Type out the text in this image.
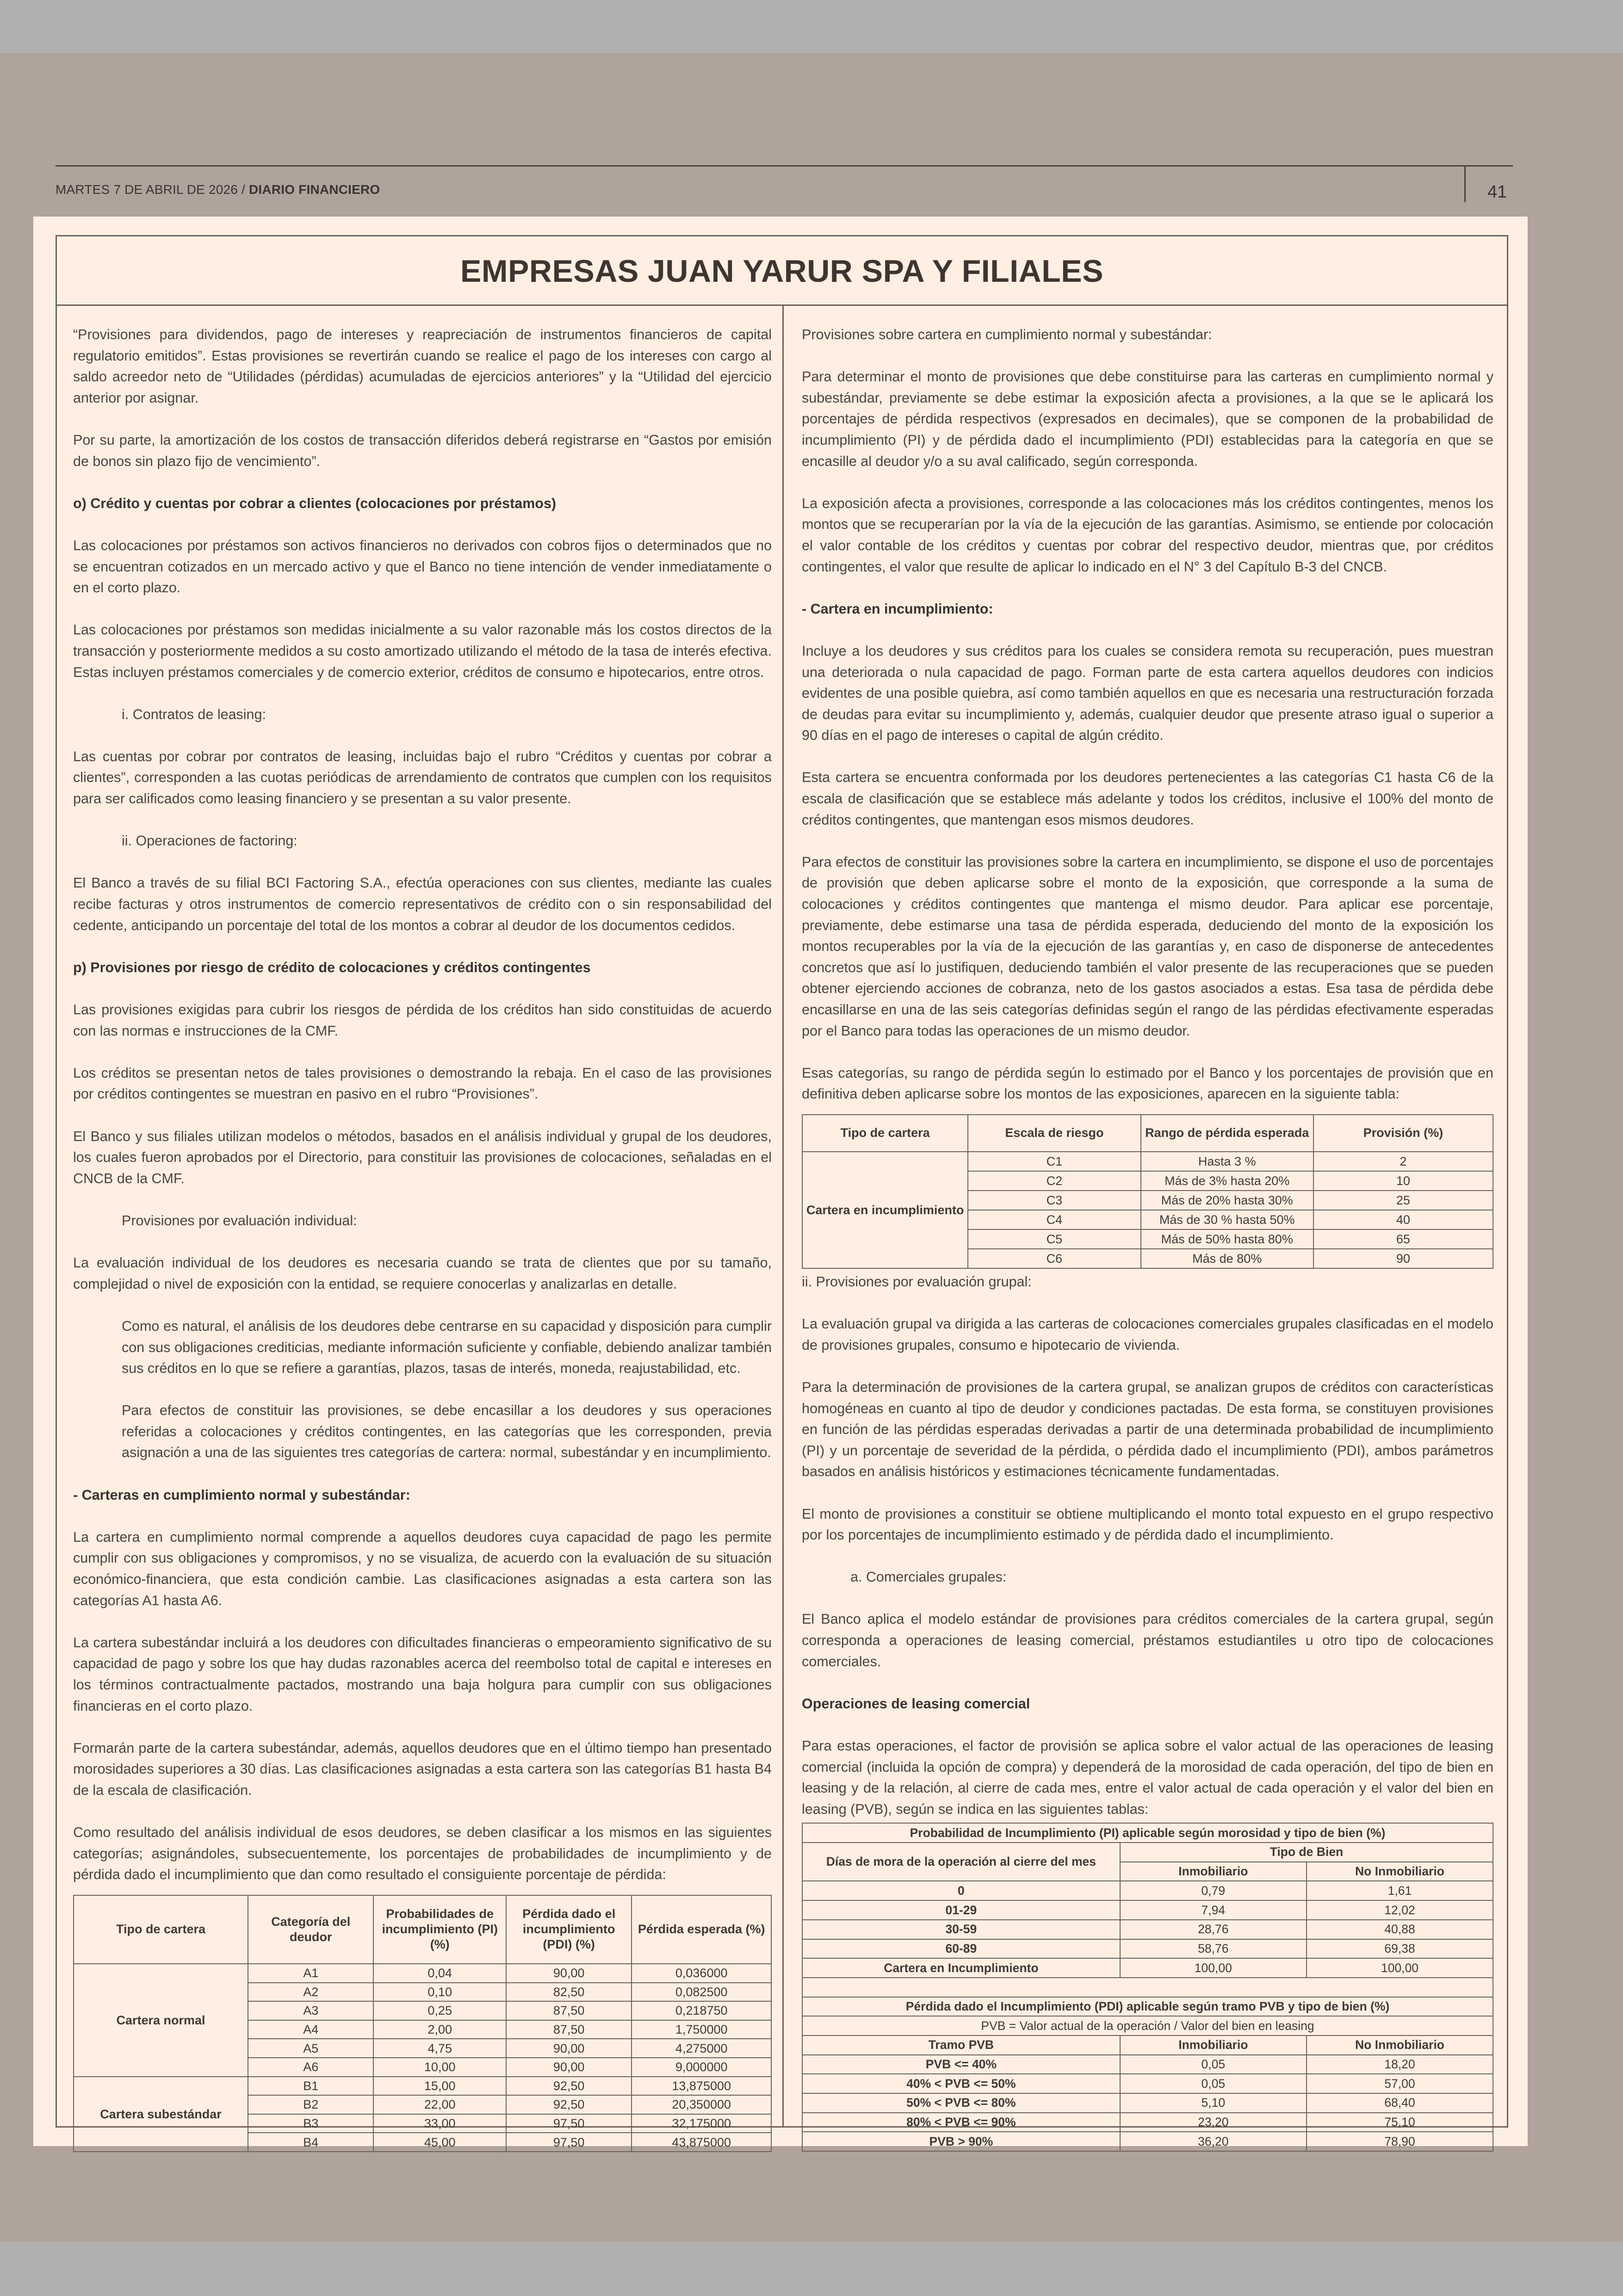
MARTES 7 DE ABRIL DE 2026 / DIARIO FINANCIERO	41
EMPRESAS JUAN YARUR SPA Y FILIALES

“Provisiones para dividendos, pago de intereses y reapreciación de instrumentos financieros de capital regulatorio emitidos”. Estas provisiones se revertirán cuando se realice el pago de los intereses con cargo al saldo acreedor neto de “Utilidades (pérdidas) acumuladas de ejercicios anteriores” y la “Utilidad del ejercicio anterior por asignar.

Por su parte, la amortización de los costos de transacción diferidos deberá registrarse en “Gastos por emisión de bonos sin plazo fijo de vencimiento”.

o) Crédito y cuentas por cobrar a clientes (colocaciones por préstamos)

Las colocaciones por préstamos son activos financieros no derivados con cobros fijos o determinados que no se encuentran cotizados en un mercado activo y que el Banco no tiene intención de vender inmediatamente o en el corto plazo.

Las colocaciones por préstamos son medidas inicialmente a su valor razonable más los costos directos de la transacción y posteriormente medidos a su costo amortizado utilizando el método de la tasa de interés efectiva. Estas incluyen préstamos comerciales y de comercio exterior, créditos de consumo e hipotecarios, entre otros.

i. Contratos de leasing:

Las cuentas por cobrar por contratos de leasing, incluidas bajo el rubro “Créditos y cuentas por cobrar a clientes”, corresponden a las cuotas periódicas de arrendamiento de contratos que cumplen con los requisitos para ser calificados como leasing financiero y se presentan a su valor presente.

ii. Operaciones de factoring:

El Banco a través de su filial BCI Factoring S.A., efectúa operaciones con sus clientes, mediante las cuales recibe facturas y otros instrumentos de comercio representativos de crédito con o sin responsabilidad del cedente, anticipando un porcentaje del total de los montos a cobrar al deudor de los documentos cedidos.

p) Provisiones por riesgo de crédito de colocaciones y créditos contingentes

Las provisiones exigidas para cubrir los riesgos de pérdida de los créditos han sido constituidas de acuerdo con las normas e instrucciones de la CMF.

Los créditos se presentan netos de tales provisiones o demostrando la rebaja. En el caso de las provisiones por créditos contingentes se muestran en pasivo en el rubro “Provisiones”.

El Banco y sus filiales utilizan modelos o métodos, basados en el análisis individual y grupal de los deudores, los cuales fueron aprobados por el Directorio, para constituir las provisiones de colocaciones, señaladas en el CNCB de la CMF.

Provisiones por evaluación individual:

La evaluación individual de los deudores es necesaria cuando se trata de clientes que por su tamaño, complejidad o nivel de exposición con la entidad, se requiere conocerlas y analizarlas en detalle.

Como es natural, el análisis de los deudores debe centrarse en su capacidad y disposición para cumplir con sus obligaciones crediticias, mediante información suficiente y confiable, debiendo analizar también sus créditos en lo que se refiere a garantías, plazos, tasas de interés, moneda, reajustabilidad, etc.

Para efectos de constituir las provisiones, se debe encasillar a los deudores y sus operaciones referidas a colocaciones y créditos contingentes, en las categorías que les corresponden, previa asignación a una de las siguientes tres categorías de cartera: normal, subestándar y en incumplimiento.

- Carteras en cumplimiento normal y subestándar:

La cartera en cumplimiento normal comprende a aquellos deudores cuya capacidad de pago les permite cumplir con sus obligaciones y compromisos, y no se visualiza, de acuerdo con la evaluación de su situación económico-financiera, que esta condición cambie. Las clasificaciones asignadas a esta cartera son las categorías A1 hasta A6.

La cartera subestándar incluirá a los deudores con dificultades financieras o empeoramiento significativo de su capacidad de pago y sobre los que hay dudas razonables acerca del reembolso total de capital e intereses en los términos contractualmente pactados, mostrando una baja holgura para cumplir con sus obligaciones financieras en el corto plazo.

Formarán parte de la cartera subestándar, además, aquellos deudores que en el último tiempo han presentado morosidades superiores a 30 días. Las clasificaciones asignadas a esta cartera son las categorías B1 hasta B4 de la escala de clasificación.

Como resultado del análisis individual de esos deudores, se deben clasificar a los mismos en las siguientes categorías; asignándoles, subsecuentemente, los porcentajes de probabilidades de incumplimiento y de pérdida dado el incumplimiento que dan como resultado el consiguiente porcentaje de pérdida:

Tipo de cartera	Categoría del deudor	Probabilidades de incumplimiento (PI) (%)	Pérdida dado el incumplimiento (PDI) (%)	Pérdida esperada (%)
Cartera normal	A1	0,04	90,00	0,036000
	A2	0,10	82,50	0,082500
	A3	0,25	87,50	0,218750
	A4	2,00	87,50	1,750000
	A5	4,75	90,00	4,275000
	A6	10,00	90,00	9,000000
Cartera subestándar	B1	15,00	92,50	13,875000
	B2	22,00	92,50	20,350000
	B3	33,00	97,50	32,175000
	B4	45,00	97,50	43,875000

Provisiones sobre cartera en cumplimiento normal y subestándar:

Para determinar el monto de provisiones que debe constituirse para las carteras en cumplimiento normal y subestándar, previamente se debe estimar la exposición afecta a provisiones, a la que se le aplicará los porcentajes de pérdida respectivos (expresados en decimales), que se componen de la probabilidad de incumplimiento (PI) y de pérdida dado el incumplimiento (PDI) establecidas para la categoría en que se encasille al deudor y/o a su aval calificado, según corresponda.

La exposición afecta a provisiones, corresponde a las colocaciones más los créditos contingentes, menos los montos que se recuperarían por la vía de la ejecución de las garantías. Asimismo, se entiende por colocación el valor contable de los créditos y cuentas por cobrar del respectivo deudor, mientras que, por créditos contingentes, el valor que resulte de aplicar lo indicado en el N° 3 del Capítulo B-3 del CNCB.

- Cartera en incumplimiento:

Incluye a los deudores y sus créditos para los cuales se considera remota su recuperación, pues muestran una deteriorada o nula capacidad de pago. Forman parte de esta cartera aquellos deudores con indicios evidentes de una posible quiebra, así como también aquellos en que es necesaria una restructuración forzada de deudas para evitar su incumplimiento y, además, cualquier deudor que presente atraso igual o superior a 90 días en el pago de intereses o capital de algún crédito.

Esta cartera se encuentra conformada por los deudores pertenecientes a las categorías C1 hasta C6 de la escala de clasificación que se establece más adelante y todos los créditos, inclusive el 100% del monto de créditos contingentes, que mantengan esos mismos deudores.

Para efectos de constituir las provisiones sobre la cartera en incumplimiento, se dispone el uso de porcentajes de provisión que deben aplicarse sobre el monto de la exposición, que corresponde a la suma de colocaciones y créditos contingentes que mantenga el mismo deudor. Para aplicar ese porcentaje, previamente, debe estimarse una tasa de pérdida esperada, deduciendo del monto de la exposición los montos recuperables por la vía de la ejecución de las garantías y, en caso de disponerse de antecedentes concretos que así lo justifiquen, deduciendo también el valor presente de las recuperaciones que se pueden obtener ejerciendo acciones de cobranza, neto de los gastos asociados a estas. Esa tasa de pérdida debe encasillarse en una de las seis categorías definidas según el rango de las pérdidas efectivamente esperadas por el Banco para todas las operaciones de un mismo deudor.

Esas categorías, su rango de pérdida según lo estimado por el Banco y los porcentajes de provisión que en definitiva deben aplicarse sobre los montos de las exposiciones, aparecen en la siguiente tabla:

Tipo de cartera	Escala de riesgo	Rango de pérdida esperada	Provisión (%)
Cartera en incumplimiento	C1	Hasta 3 %	2
	C2	Más de 3% hasta 20%	10
	C3	Más de 20% hasta 30%	25
	C4	Más de 30 % hasta 50%	40
	C5	Más de 50% hasta 80%	65
	C6	Más de 80%	90

ii. Provisiones por evaluación grupal:

La evaluación grupal va dirigida a las carteras de colocaciones comerciales grupales clasificadas en el modelo de provisiones grupales, consumo e hipotecario de vivienda.

Para la determinación de provisiones de la cartera grupal, se analizan grupos de créditos con características homogéneas en cuanto al tipo de deudor y condiciones pactadas. De esta forma, se constituyen provisiones en función de las pérdidas esperadas derivadas a partir de una determinada probabilidad de incumplimiento (PI) y un porcentaje de severidad de la pérdida, o pérdida dado el incumplimiento (PDI), ambos parámetros basados en análisis históricos y estimaciones técnicamente fundamentadas.

El monto de provisiones a constituir se obtiene multiplicando el monto total expuesto en el grupo respectivo por los porcentajes de incumplimiento estimado y de pérdida dado el incumplimiento.

a. Comerciales grupales:

El Banco aplica el modelo estándar de provisiones para créditos comerciales de la cartera grupal, según corresponda a operaciones de leasing comercial, préstamos estudiantiles u otro tipo de colocaciones comerciales.

Operaciones de leasing comercial

Para estas operaciones, el factor de provisión se aplica sobre el valor actual de las operaciones de leasing comercial (incluida la opción de compra) y dependerá de la morosidad de cada operación, del tipo de bien en leasing y de la relación, al cierre de cada mes, entre el valor actual de cada operación y el valor del bien en leasing (PVB), según se indica en las siguientes tablas:

Probabilidad de Incumplimiento (PI) aplicable según morosidad y tipo de bien (%)		
Días de mora de la operación al cierre del mes	Tipo de Bien	
	Inmobiliario	No Inmobiliario
0	0,79	1,61
01-29	7,94	12,02
30-59	28,76	40,88
60-89	58,76	69,38
Cartera en Incumplimiento	100,00	100,00

Pérdida dado el Incumplimiento (PDI) aplicable según tramo PVB y tipo de bien (%)		
PVB = Valor actual de la operación / Valor del bien en leasing		
Tramo PVB	Inmobiliario	No Inmobiliario
PVB <= 40%	0,05	18,20
40% < PVB <= 50%	0,05	57,00
50% < PVB <= 80%	5,10	68,40
80% < PVB <= 90%	23,20	75,10
PVB > 90%	36,20	78,90
